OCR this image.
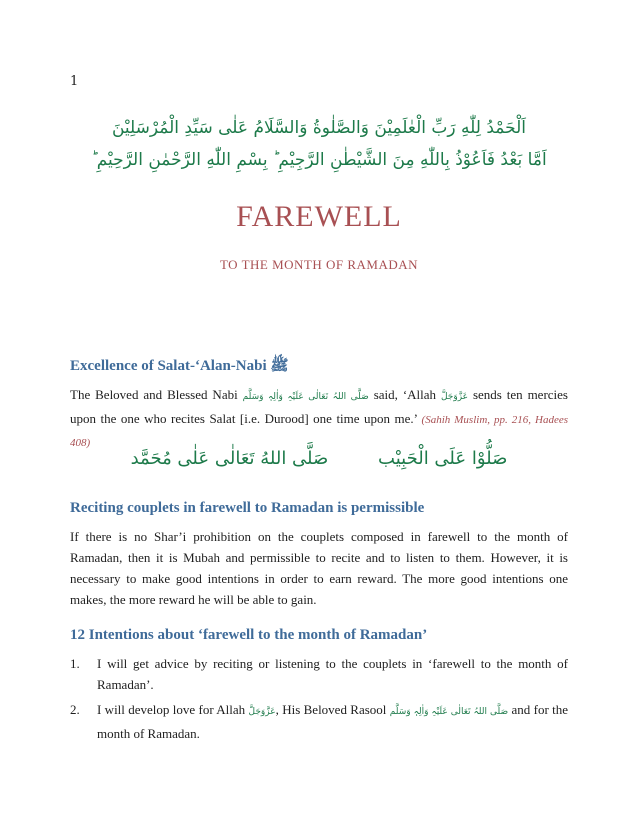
1
اَلْحَمْدُ لِلّٰهِ رَبِّ الْعٰلَمِيْنَ وَالصَّلٰوةُ وَالسَّلَامُ عَلٰى سَيِّدِ الْمُرْسَلِيْنَ
اَمَّا بَعْدُ فَاَعُوْذُ بِاللّٰهِ مِنَ الشَّيْطٰنِ الرَّجِيْمِ ؕ بِسْمِ اللّٰهِ الرَّحْمٰنِ الرَّحِيْمِ ؕ
FAREWELL
TO THE MONTH OF RAMADAN
Excellence of Salat-‘Alan-Nabi ﷺ
The Beloved and Blessed Nabi صَلَّی اللہُ تَعَالٰی عَلَیْہِ وَاٰلِہٖ وَسَلَّم said, ‘Allah عَزَّوَجَلَّ sends ten mercies upon the one who recites Salat [i.e. Durood] one time upon me.’ (Sahih Muslim, pp. 216, Hadees 408)
صَلُّوْا عَلَى الْحَبِيْب صَلَّى اللهُ تَعَالٰى عَلٰى مُحَمَّد
Reciting couplets in farewell to Ramadan is permissible
If there is no Shar’i prohibition on the couplets composed in farewell to the month of Ramadan, then it is Mubah and permissible to recite and to listen to them. However, it is necessary to make good intentions in order to earn reward. The more good intentions one makes, the more reward he will be able to gain.
12 Intentions about ‘farewell to the month of Ramadan’
1. I will get advice by reciting or listening to the couplets in ‘farewell to the month of Ramadan’.
2. I will develop love for Allah عَزَّوَجَلَّ, His Beloved Rasool صَلَّی اللہُ تَعَالٰی عَلَیْہِ وَاٰلِہٖ وَسَلَّم and for the month of Ramadan.
